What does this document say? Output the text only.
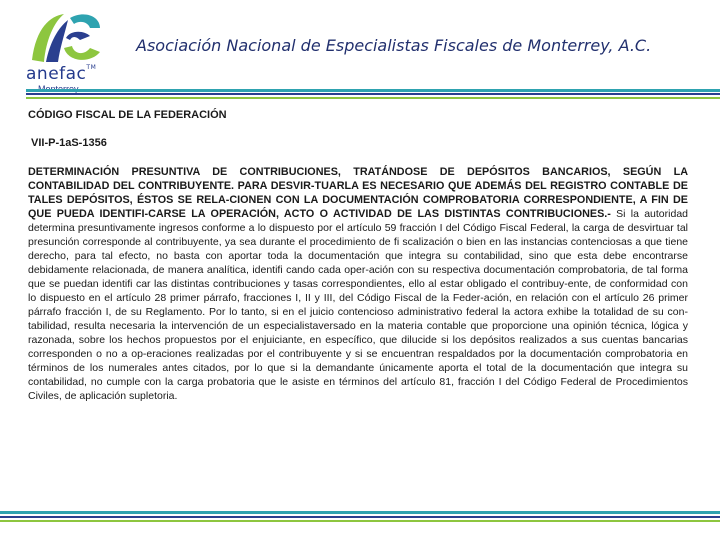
anefac™
Asociación Nacional de Especialistas Fiscales de Monterrey, A.C.

CÓDIGO FISCAL DE LA FEDERACIÓN

VII-P-1aS-1356

DETERMINACIÓN PRESUNTIVA DE CONTRIBUCIONES, TRATÁNDOSE DE DEPÓSITOS BANCARIOS, SEGÚN LA CONTABILIDAD DEL CONTRIBUYENTE. PARA DESVIR-TUARLA ES NECESARIO QUE ADEMÁS DEL REGISTRO CONTABLE DE TALES DEPÓSITOS, ÉSTOS SE RELA-CIONEN CON LA DOCUMENTACIÓN COMPROBATORIA CORRESPONDIENTE, A FIN DE QUE PUEDA IDENTIFI-CARSE LA OPERACIÓN, ACTO O ACTIVIDAD DE LAS DISTINTAS CONTRIBUCIONES.- Si la autoridad determina presuntivamente ingresos conforme a lo dispuesto por el artículo 59 fracción I del Código Fiscal Federal, la carga de desvirtuar tal presunción corresponde al contribuyente, ya sea durante el procedimiento de fi scalización o bien en las instancias contenciosas a que tiene derecho, para tal efecto, no basta con aportar toda la documentación que integra su contabilidad, sino que esta debe encontrarse debidamente relacionada, de manera analítica, identifi cando cada oper-ación con su respectiva documentación comprobatoria, de tal forma que se puedan identifi car las distintas contribuciones y tasas correspondientes, ello al estar obligado el contribuy-ente, de conformidad con lo dispuesto en el artículo 28 primer párrafo, fracciones I, II y III, del Código Fiscal de la Feder-ación, en relación con el artículo 26 primer párrafo fracción I, de su Reglamento. Por lo tanto, si en el juicio contencioso administrativo federal la actora exhibe la totalidad de su con-tabilidad, resulta necesaria la intervención de un especialistaversado en la materia contable que proporcione una opinión técnica, lógica y razonada, sobre los hechos propuestos por el enjuiciante, en específico, que dilucide si los depósitos realizados a sus cuentas bancarias corresponden o no a op-eraciones realizadas por el contribuyente y si se encuentran respaldados por la documentación comprobatoria en términos de los numerales antes citados, por lo que si la demandante únicamente aporta el total de la documentación que integra su contabilidad, no cumple con la carga probatoria que le asiste en términos del artículo 81, fracción I del Código Federal de Procedimientos Civiles, de aplicación supletoria.
